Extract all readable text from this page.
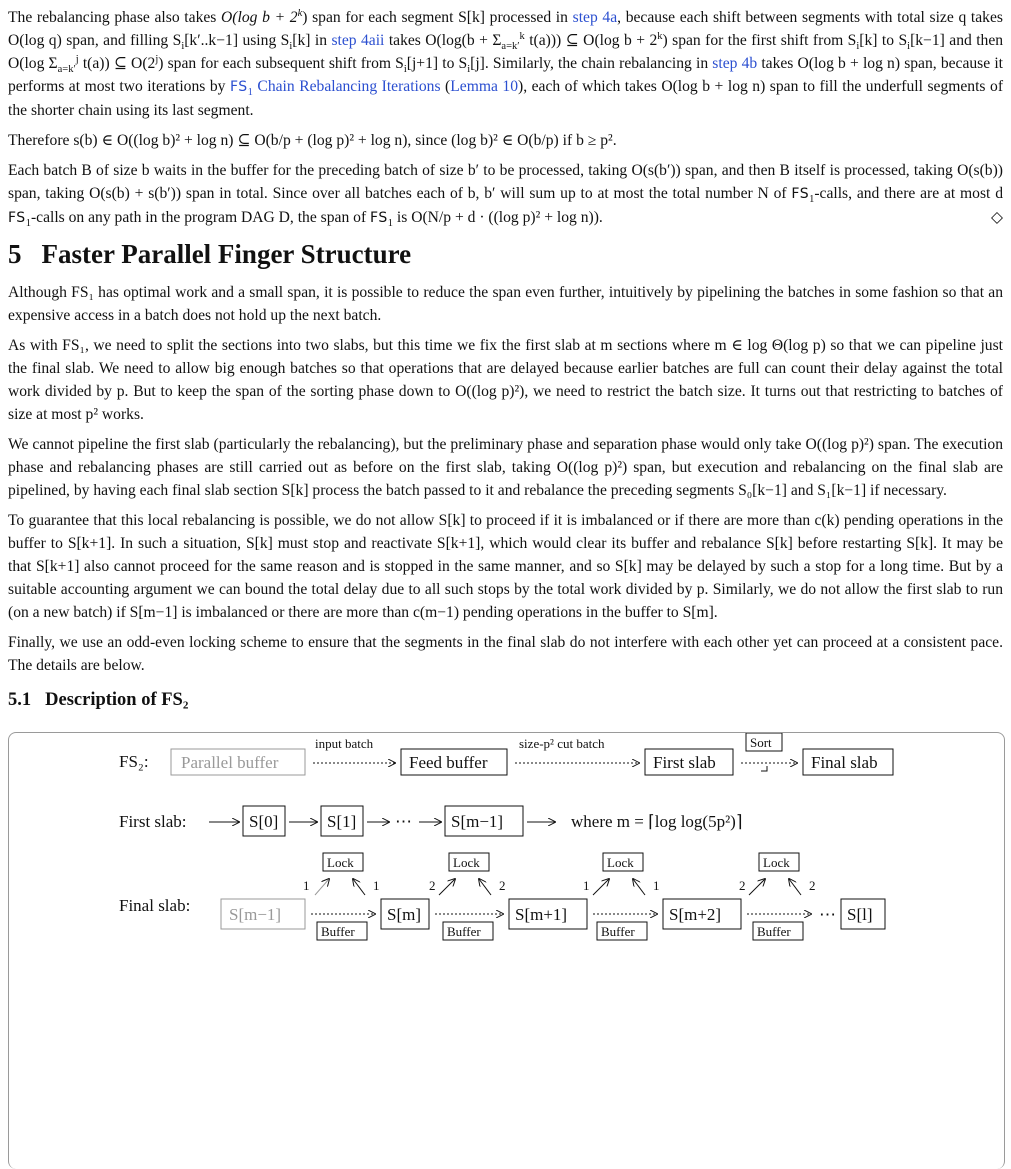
The rebalancing phase also takes O(log $b + 2^k$) span for each segment S[k] processed in step 4a, because each shift between segments with total size q takes O(log q) span, and filling $S_i[k'..k-1]$ using $S_i[k]$ in step 4aii takes $O(\log(b + \Sigma_{a=k'}^k$ t(a))) ⊆ O(log $b + 2^k$) span for the first shift from $S_i[k]$ to $S_i[k-1]$ and then O(log $\Sigma_{a=k'}^j$ t(a)) ⊆ O(2$^j$) span for each subsequent shift from $S_i[j+1]$ to $S_i[j]$. Similarly, the chain rebalancing in step 4b takes O(log b + log n) span, because it performs at most two iterations by $FS_1$ Chain Rebalancing Iterations (Lemma 10), each of which takes O(log b + log n) span to fill the underfull segments of the shorter chain using its last segment.

Therefore s(b) ∈ O((log b)² + log n) ⊆ O(b/p + (log p)² + log n), since (log b)² ∈ O(b/p) if b ≥ p².

Each batch B of size b waits in the buffer for the preceding batch of size b′ to be processed, taking O(s(b′)) span, and then B itself is processed, taking O(s(b)) span, taking O(s(b) + s(b′)) span in total. Since over all batches each of b, b′ will sum up to at most the total number N of $FS_1$-calls, and there are at most d $FS_1$-calls on any path in the program DAG D, the span of $FS_1$ is O(N/p + d · ((log p)² + log n)).	◇

5 Faster Parallel Finger Structure

Although FS₁ has optimal work and a small span, it is possible to reduce the span even further, intuitively by pipelining the batches in some fashion so that an expensive access in a batch does not hold up the next batch.

As with FS₁, we need to split the sections into two slabs, but this time we fix the first slab at m sections where m ∈ log Θ(log p) so that we can pipeline just the final slab. We need to allow big enough batches so that operations that are delayed because earlier batches are full can count their delay against the total work divided by p. But to keep the span of the sorting phase down to O((log p)²), we need to restrict the batch size. It turns out that restricting to batches of size at most p² works.

We cannot pipeline the first slab (particularly the rebalancing), but the preliminary phase and separation phase would only take O((log p)²) span. The execution phase and rebalancing phases are still carried out as before on the first slab, taking O((log p)²) span, but execution and rebalancing on the final slab are pipelined, by having each final slab section S[k] process the batch passed to it and rebalance the preceding segments S₀[k−1] and S₁[k−1] if necessary.

To guarantee that this local rebalancing is possible, we do not allow S[k] to proceed if it is imbalanced or if there are more than c(k) pending operations in the buffer to S[k+1]. In such a situation, S[k] must stop and reactivate S[k+1], which would clear its buffer and rebalance S[k] before restarting S[k]. It may be that S[k+1] also cannot proceed for the same reason and is stopped in the same manner, and so S[k] may be delayed by such a stop for a long time. But by a suitable accounting argument we can bound the total delay due to all such stops by the total work divided by p. Similarly, we do not allow the first slab to run (on a new batch) if S[m−1] is imbalanced or there are more than c(m−1) pending operations in the buffer to S[m].

Finally, we use an odd-even locking scheme to ensure that the segments in the final slab do not interfere with each other yet can proceed at a consistent pace. The details are below.

5.1 Description of FS₂
FS₂: Parallel buffer
input batch
Feed buffer
size-p² cut batch
First slab
Sort
Final slab
First slab:	S[0]	S[1] ⋯ S[m−1]	where m = ⌈log log(5p²)⌉
Final slab: S[m−1]
Buffer
Lock
1	1
S[m]
Buffer
Lock
2	2
S[m+1]
Buffer
Lock
1	1
S[m+2]
Buffer
Lock
2	2
⋯ S[l]
